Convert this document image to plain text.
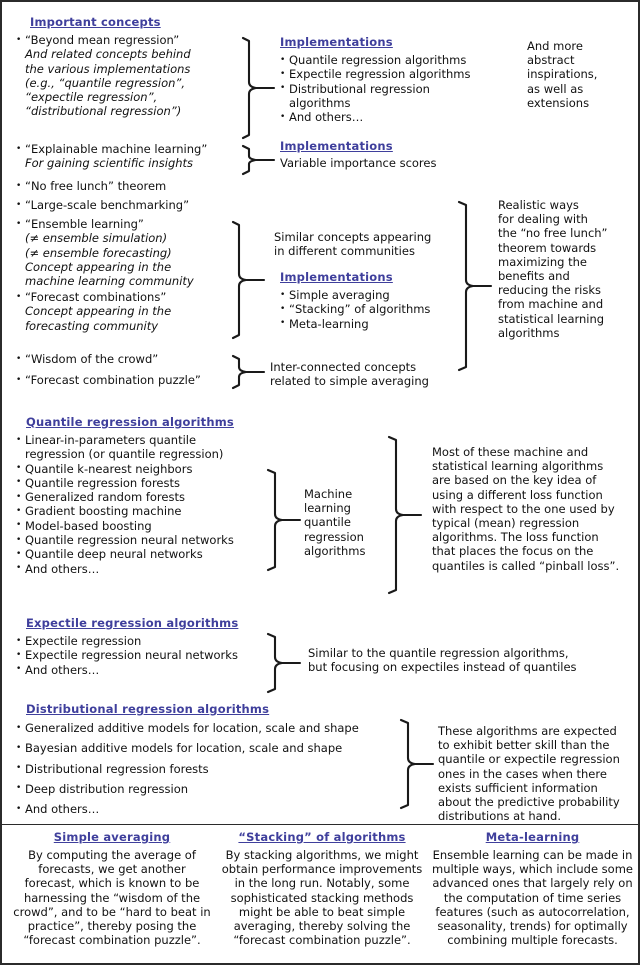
Important concepts
• “Beyond mean regression”
And related concepts behind
the various implementations
(e.g., “quantile regression”,
“expectile regression”,
“distributional regression”)
• “Explainable machine learning”
For gaining scientific insights
• “No free lunch” theorem
• “Large-scale benchmarking”
• “Ensemble learning”
(≠ ensemble simulation)
(≠ ensemble forecasting)
Concept appearing in the
machine learning community
• “Forecast combinations”
Concept appearing in the
forecasting community
• “Wisdom of the crowd”
• “Forecast combination puzzle”
Implementations
• Quantile regression algorithms
• Expectile regression algorithms
• Distributional regression algorithms
• And others…
Implementations
Variable importance scores
And more
abstract
inspirations,
as well as
extensions
Similar concepts appearing
in different communities
Implementations
• Simple averaging
• “Stacking” of algorithms
• Meta-learning
Realistic ways
for dealing with
the “no free lunch”
theorem towards
maximizing the
benefits and
reducing the risks
from machine and
statistical learning
algorithms
Inter-connected concepts
related to simple averaging
Quantile regression algorithms
• Linear-in-parameters quantile
regression (or quantile regression)
• Quantile k-nearest neighbors
• Quantile regression forests
• Generalized random forests
• Gradient boosting machine
• Model-based boosting
• Quantile regression neural networks
• Quantile deep neural networks
• And others…
Machine
learning
quantile
regression
algorithms
Most of these machine and
statistical learning algorithms
are based on the key idea of
using a different loss function
with respect to the one used by
typical (mean) regression
algorithms. The loss function
that places the focus on the
quantiles is called “pinball loss”.
Expectile regression algorithms
• Expectile regression
• Expectile regression neural networks
• And others…
Similar to the quantile regression algorithms,
but focusing on expectiles instead of quantiles
Distributional regression algorithms
• Generalized additive models for location, scale and shape
• Bayesian additive models for location, scale and shape
• Distributional regression forests
• Deep distribution regression
• And others…
These algorithms are expected
to exhibit better skill than the
quantile or expectile regression
ones in the cases when there
exists sufficient information
about the predictive probability
distributions at hand.
Simple averaging
By computing the average of
forecasts, we get another
forecast, which is known to be
harnessing the “wisdom of the
crowd”, and to be “hard to beat in
practice”, thereby posing the
“forecast combination puzzle”.
“Stacking” of algorithms
By stacking algorithms, we might
obtain performance improvements
in the long run. Notably, some
sophisticated stacking methods
might be able to beat simple
averaging, thereby solving the
“forecast combination puzzle”.
Meta-learning
Ensemble learning can be made in
multiple ways, which include some
advanced ones that largely rely on
the computation of time series
features (such as autocorrelation,
seasonality, trends) for optimally
combining multiple forecasts.
